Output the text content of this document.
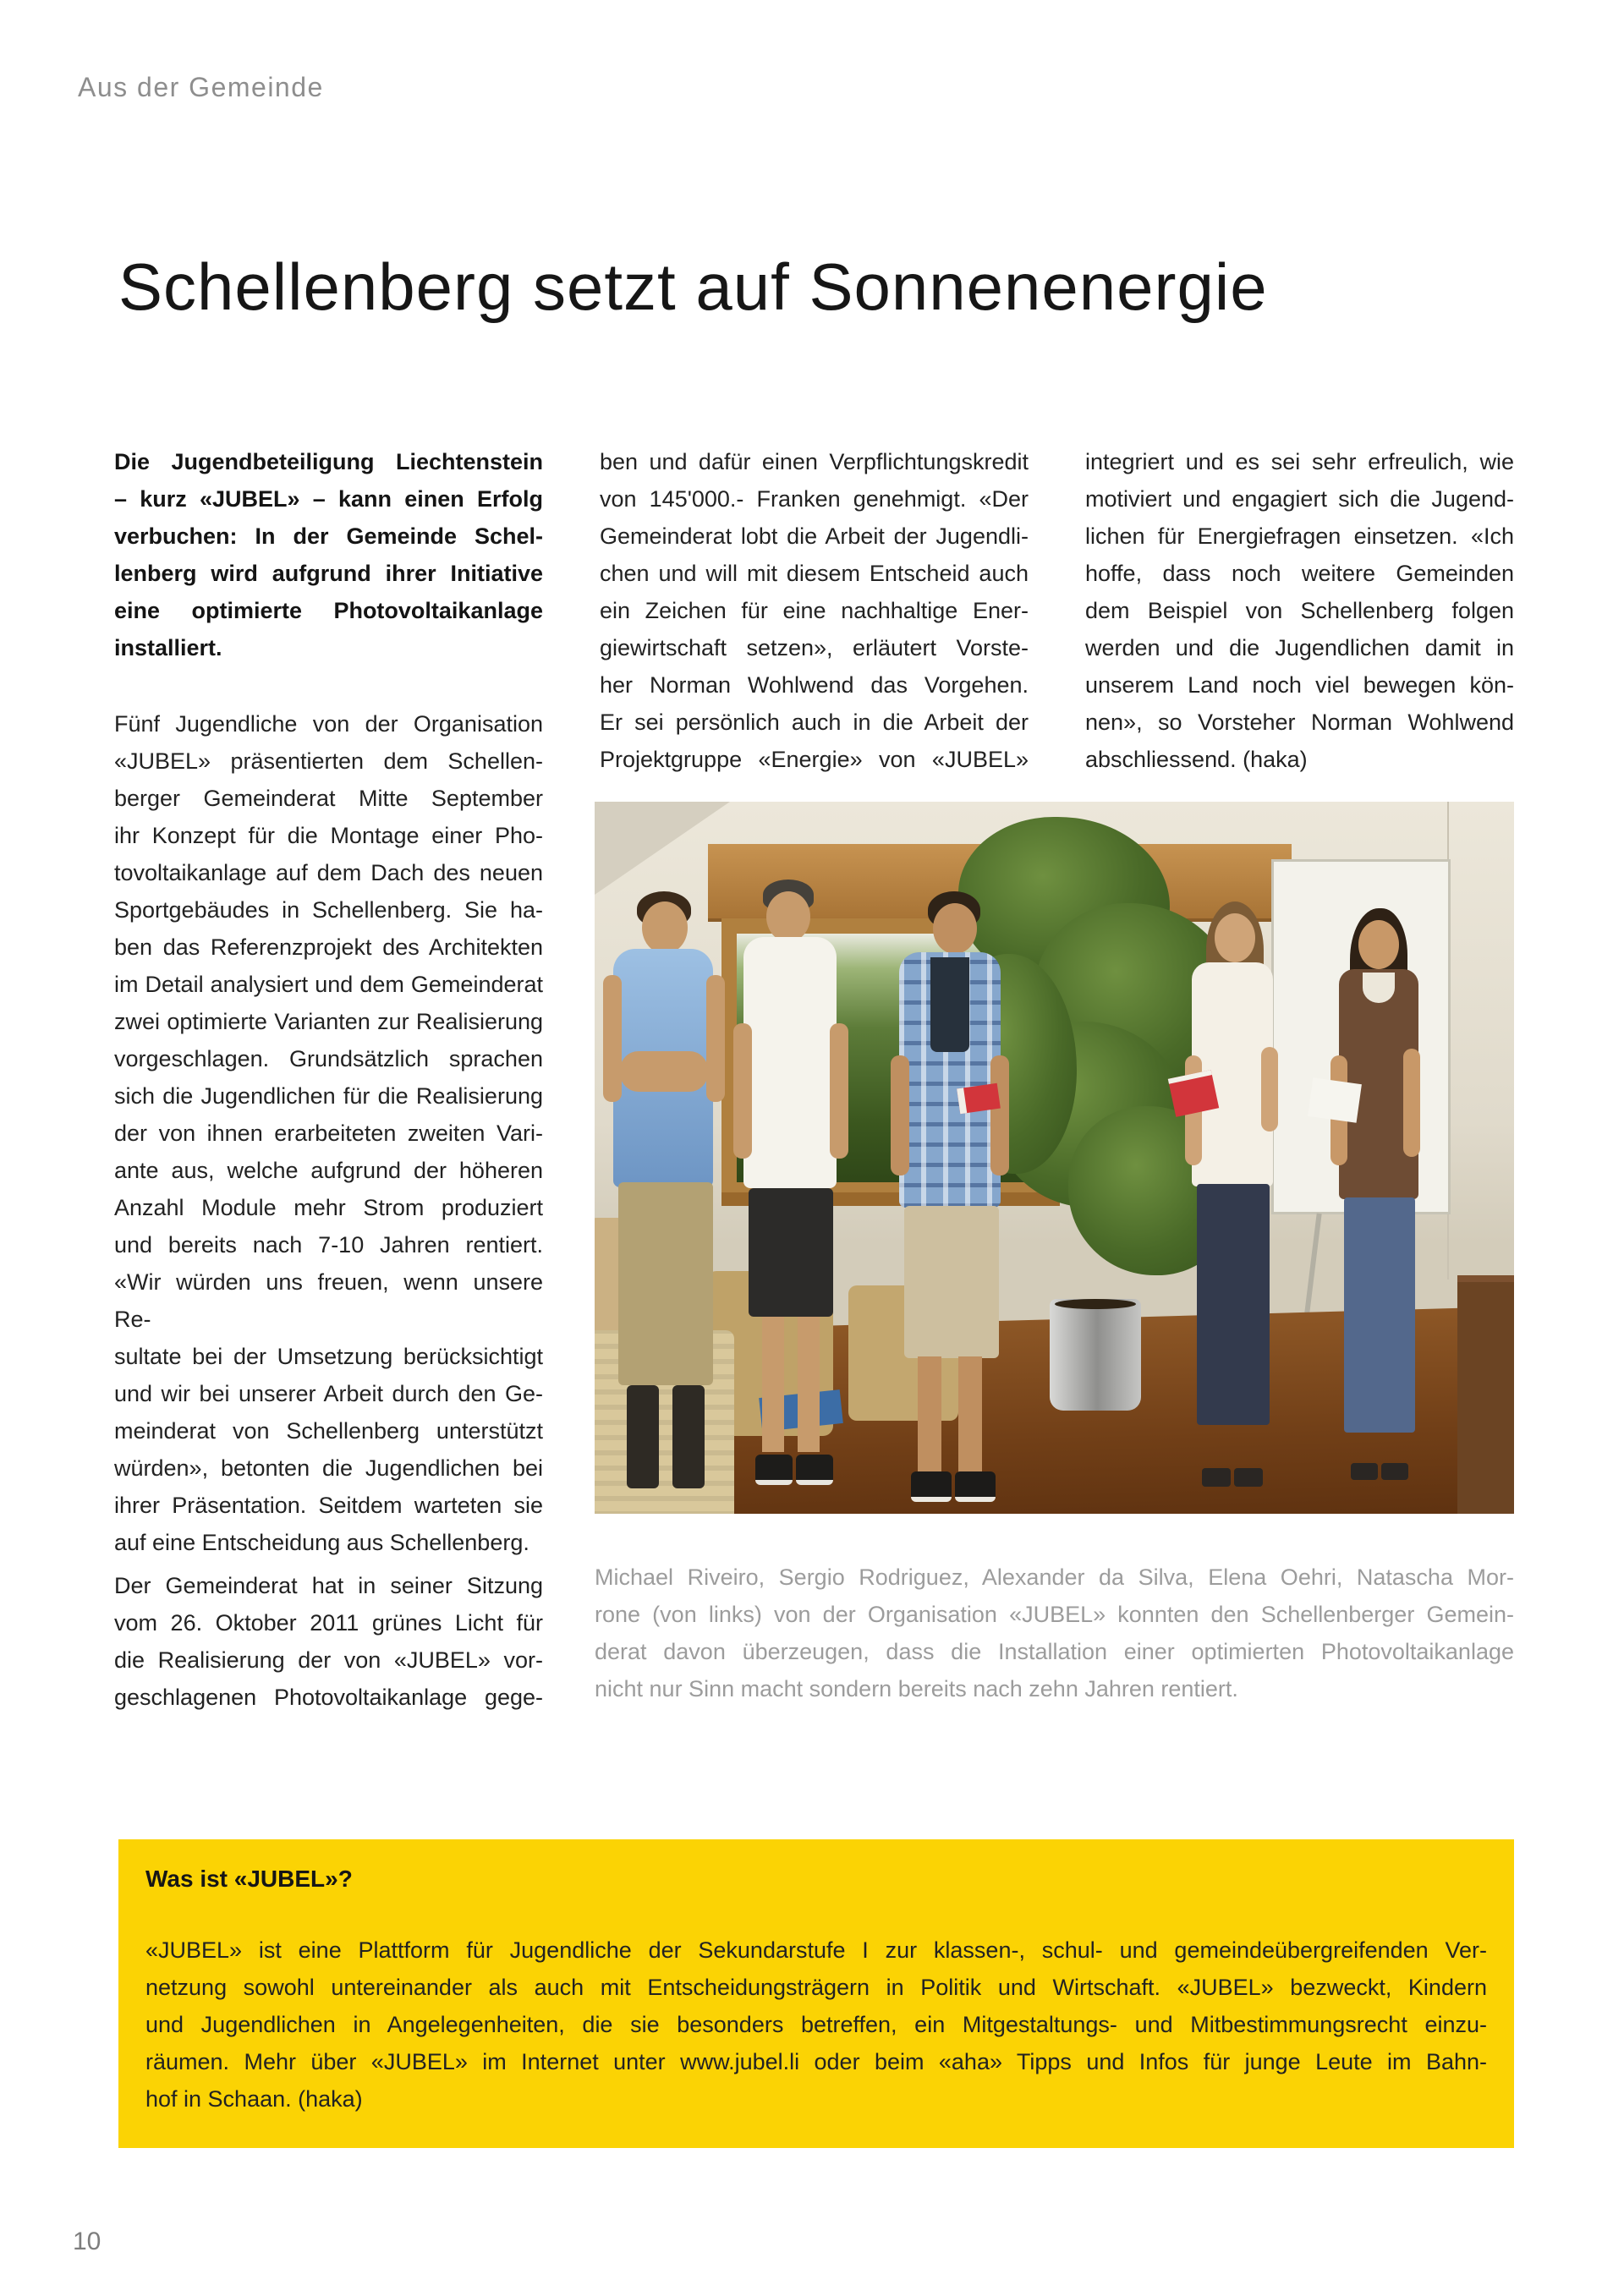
Aus der Gemeinde
Schellenberg setzt auf Sonnenenergie
Die Jugendbeteiligung Liechtenstein
– kurz «JUBEL» – kann einen Erfolg
verbuchen: In der Gemeinde Schel-
lenberg wird aufgrund ihrer Initiative
eine optimierte Photovoltaikanlage
installiert.
Fünf Jugendliche von der Organisation
«JUBEL» präsentierten dem Schellen-
berger Gemeinderat Mitte September
ihr Konzept für die Montage einer Pho-
tovoltaikanlage auf dem Dach des neuen
Sportgebäudes in Schellenberg. Sie ha-
ben das Referenzprojekt des Architekten
im Detail analysiert und dem Gemeinderat
zwei optimierte Varianten zur Realisierung
vorgeschlagen. Grundsätzlich sprachen
sich die Jugendlichen für die Realisierung
der von ihnen erarbeiteten zweiten Vari-
ante aus, welche aufgrund der höheren
Anzahl Module mehr Strom produziert
und bereits nach 7-10 Jahren rentiert.
«Wir würden uns freuen, wenn unsere Re-
sultate bei der Umsetzung berücksichtigt
und wir bei unserer Arbeit durch den Ge-
meinderat von Schellenberg unterstützt
würden», betonten die Jugendlichen bei
ihrer Präsentation. Seitdem warteten sie
auf eine Entscheidung aus Schellenberg.
Der Gemeinderat hat in seiner Sitzung
vom 26. Oktober 2011 grünes Licht für
die Realisierung der von «JUBEL» vor-
geschlagenen Photovoltaikanlage gege-
ben und dafür einen Verpflichtungskredit
von 145'000.- Franken genehmigt. «Der
Gemeinderat lobt die Arbeit der Jugendli-
chen und will mit diesem Entscheid auch
ein Zeichen für eine nachhaltige Ener-
giewirtschaft setzen», erläutert Vorste-
her Norman Wohlwend das Vorgehen.
Er sei persönlich auch in die Arbeit der
Projektgruppe «Energie» von «JUBEL»
integriert und es sei sehr erfreulich, wie
motiviert und engagiert sich die Jugend-
lichen für Energiefragen einsetzen. «Ich
hoffe, dass noch weitere Gemeinden
dem Beispiel von Schellenberg folgen
werden und die Jugendlichen damit in
unserem Land noch viel bewegen kön-
nen», so Vorsteher Norman Wohlwend
abschliessend. (haka)
Michael Riveiro, Sergio Rodriguez, Alexander da Silva, Elena Oehri, Natascha Mor-
rone (von links) von der Organisation «JUBEL» konnten den Schellenberger Gemein-
derat davon überzeugen, dass die Installation einer optimierten Photovoltaikanlage
nicht nur Sinn macht sondern bereits nach zehn Jahren rentiert.
Was ist «JUBEL»?
«JUBEL» ist eine Plattform für Jugendliche der Sekundarstufe I zur klassen-, schul- und gemeindeübergreifenden Ver-
netzung sowohl untereinander als auch mit Entscheidungsträgern in Politik und Wirtschaft. «JUBEL» bezweckt, Kindern
und Jugendlichen in Angelegenheiten, die sie besonders betreffen, ein Mitgestaltungs- und Mitbestimmungsrecht einzu-
räumen. Mehr über «JUBEL» im Internet unter www.jubel.li oder beim «aha» Tipps und Infos für junge Leute im Bahn-
hof in Schaan. (haka)
10
